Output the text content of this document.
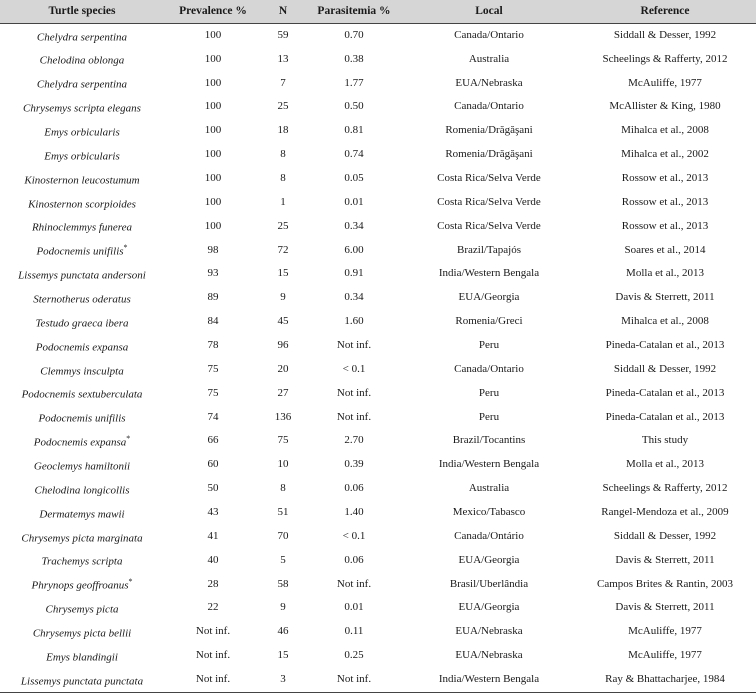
Turtle species	Prevalence %	N	Parasitemia %	Local	Reference
Chelydra serpentina	100	59	0.70	Canada/Ontario	Siddall & Desser, 1992
Chelodina oblonga	100	13	0.38	Australia	Scheelings & Rafferty, 2012
Chelydra serpentina	100	7	1.77	EUA/Nebraska	McAuliffe, 1977
Chrysemys scripta elegans	100	25	0.50	Canada/Ontario	McAllister & King, 1980
Emys orbicularis	100	18	0.81	Romenia/Drăgăşani	Mihalca et al., 2008
Emys orbicularis	100	8	0.74	Romenia/Drăgăşani	Mihalca et al., 2002
Kinosternon leucostumum	100	8	0.05	Costa Rica/Selva Verde	Rossow et al., 2013
Kinosternon scorpioides	100	1	0.01	Costa Rica/Selva Verde	Rossow et al., 2013
Rhinoclemmys funerea	100	25	0.34	Costa Rica/Selva Verde	Rossow et al., 2013
Podocnemis unifilis*	98	72	6.00	Brazil/Tapajós	Soares et al., 2014
Lissemys punctata andersoni	93	15	0.91	India/Western Bengala	Molla et al., 2013
Sternotherus oderatus	89	9	0.34	EUA/Georgia	Davis & Sterrett, 2011
Testudo graeca ibera	84	45	1.60	Romenia/Greci	Mihalca et al., 2008
Podocnemis expansa	78	96	Not inf.	Peru	Pineda-Catalan et al., 2013
Clemmys insculpta	75	20	< 0.1	Canada/Ontario	Siddall & Desser, 1992
Podocnemis sextuberculata	75	27	Not inf.	Peru	Pineda-Catalan et al., 2013
Podocnemis unifilis	74	136	Not inf.	Peru	Pineda-Catalan et al., 2013
Podocnemis expansa*	66	75	2.70	Brazil/Tocantins	This study
Geoclemys hamiltonii	60	10	0.39	India/Western Bengala	Molla et al., 2013
Chelodina longicollis	50	8	0.06	Australia	Scheelings & Rafferty, 2012
Dermatemys mawii	43	51	1.40	Mexico/Tabasco	Rangel-Mendoza et al., 2009
Chrysemys picta marginata	41	70	< 0.1	Canada/Ontário	Siddall & Desser, 1992
Trachemys scripta	40	5	0.06	EUA/Georgia	Davis & Sterrett, 2011
Phrynops geoffroanus*	28	58	Not inf.	Brasil/Uberlândia	Campos Brites & Rantin, 2003
Chrysemys picta	22	9	0.01	EUA/Georgia	Davis & Sterrett, 2011
Chrysemys picta bellii	Not inf.	46	0.11	EUA/Nebraska	McAuliffe, 1977
Emys blandingii	Not inf.	15	0.25	EUA/Nebraska	McAuliffe, 1977
Lissemys punctata punctata	Not inf.	3	Not inf.	India/Western Bengala	Ray & Bhattacharjee, 1984
